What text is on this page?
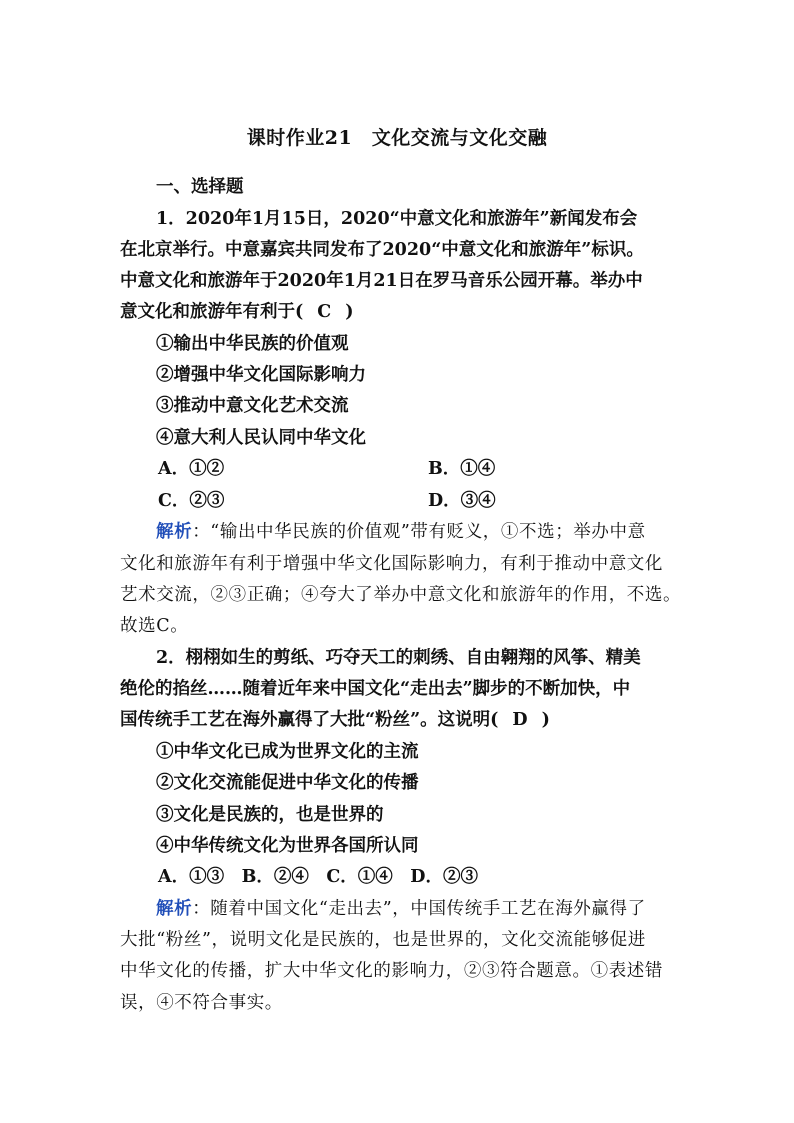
课时作业21　文化交流与文化交融
一、选择题
1．2020年1月15日，2020“中意文化和旅游年”新闻发布会
在北京举行。中意嘉宾共同发布了2020“中意文化和旅游年”标识。
中意文化和旅游年于2020年1月21日在罗马音乐公园开幕。举办中
意文化和旅游年有利于( C )
①输出中华民族的价值观
②增强中华文化国际影响力
③推动中意文化艺术交流
④意大利人民认同中华文化
A．①②	B．①④
C．②③	D．③④
解析：“输出中华民族的价值观”带有贬义，①不选；举办中意
文化和旅游年有利于增强中华文化国际影响力，有利于推动中意文化
艺术交流，②③正确；④夸大了举办中意文化和旅游年的作用，不选。
故选C。
2．栩栩如生的剪纸、巧夺天工的刺绣、自由翱翔的风筝、精美
绝伦的掐丝……随着近年来中国文化“走出去”脚步的不断加快，中
国传统手工艺在海外赢得了大批“粉丝”。这说明( D )
①中华文化已成为世界文化的主流
②文化交流能促进中华文化的传播
③文化是民族的，也是世界的
④中华传统文化为世界各国所认同
A．①③　B．②④　C．①④　D．②③
解析：随着中国文化“走出去”，中国传统手工艺在海外赢得了
大批“粉丝”，说明文化是民族的，也是世界的，文化交流能够促进
中华文化的传播，扩大中华文化的影响力，②③符合题意。①表述错
误，④不符合事实。
